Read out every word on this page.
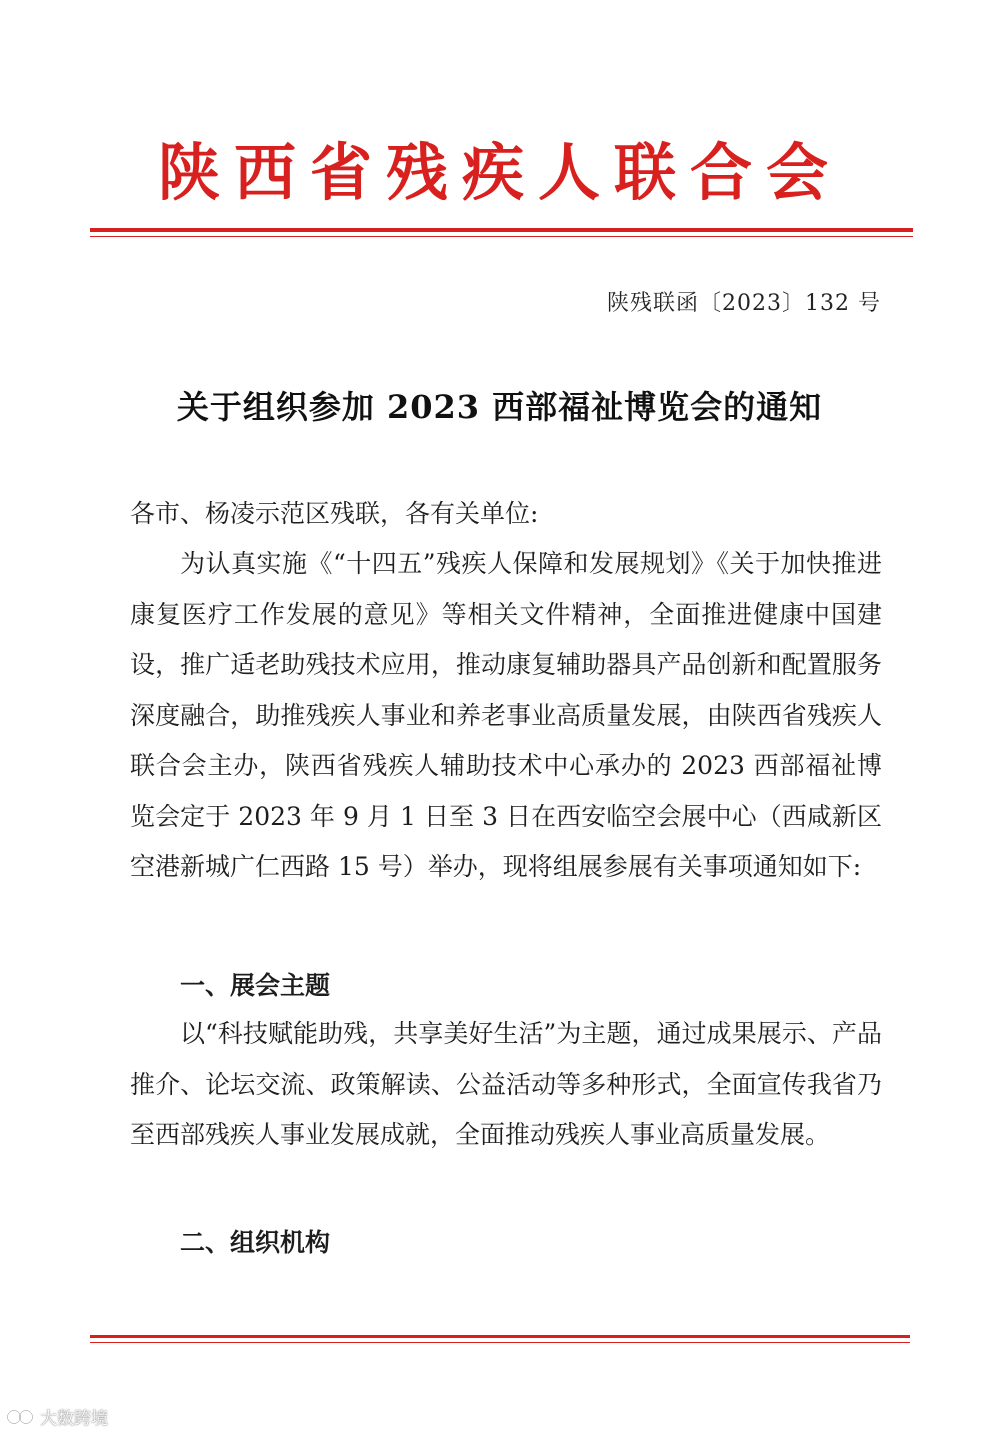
陕西省残疾人联合会
陕残联函〔2023〕132 号
关于组织参加 2023 西部福祉博览会的通知
各市、杨凌示范区残联，各有关单位:
为认真实施《“十四五”残疾人保障和发展规划》《关于加快推进康复医疗工作发展的意见》等相关文件精神，全面推进健康中国建设，推广适老助残技术应用，推动康复辅助器具产品创新和配置服务深度融合，助推残疾人事业和养老事业高质量发展，由陕西省残疾人联合会主办，陕西省残疾人辅助技术中心承办的 2023 西部福祉博览会定于 2023 年 9 月 1 日至 3 日在西安临空会展中心（西咸新区空港新城广仁西路 15 号）举办，现将组展参展有关事项通知如下:
一、展会主题
以“科技赋能助残，共享美好生活”为主题，通过成果展示、产品推介、论坛交流、政策解读、公益活动等多种形式，全面宣传我省乃至西部残疾人事业发展成就，全面推动残疾人事业高质量发展。
二、组织机构
大数跨境
